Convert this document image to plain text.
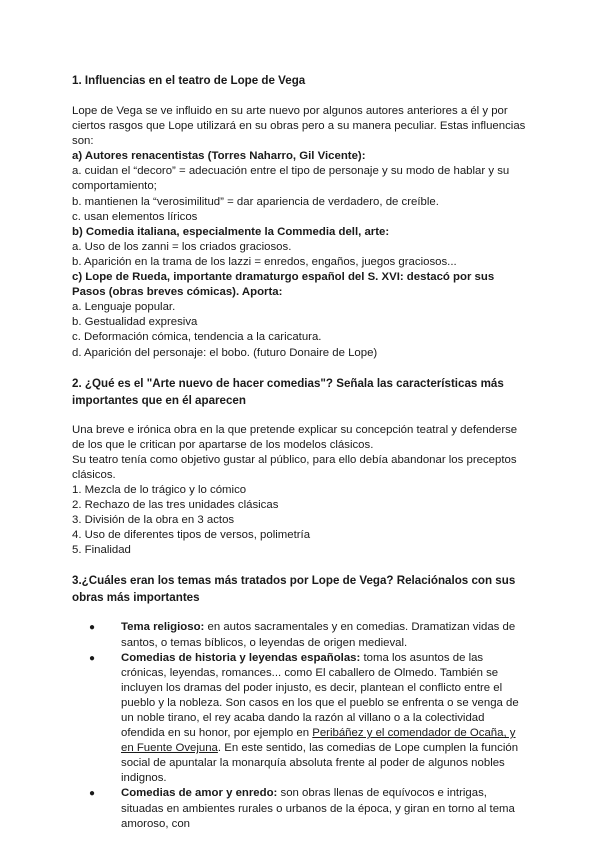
1. Influencias en el teatro de Lope de Vega

Lope de Vega se ve influido en su arte nuevo por algunos autores anteriores a él y por ciertos rasgos que Lope utilizará en su obras pero a su manera peculiar. Estas influencias son:

a) Autores renacentistas (Torres Naharro, Gil Vicente):

a. cuidan el “decoro” = adecuación entre el tipo de personaje y su modo de hablar y su comportamiento;

b. mantienen la “verosimilitud” = dar apariencia de verdadero, de creíble.

c. usan elementos líricos

b) Comedia italiana, especialmente la Commedia dell, arte:

a. Uso de los zanni = los criados graciosos.

b. Aparición en la trama de los lazzi = enredos, engaños, juegos graciosos...

c) Lope de Rueda, importante dramaturgo español del S. XVI: destacó por sus Pasos (obras breves cómicas). Aporta:

a. Lenguaje popular.

b. Gestualidad expresiva

c. Deformación cómica, tendencia a la caricatura.

d. Aparición del personaje: el bobo. (futuro Donaire de Lope)

2. ¿Qué es el "Arte nuevo de hacer comedias"? Señala las características más importantes que en él aparecen

Una breve e irónica obra en la que pretende explicar su concepción teatral y defenderse de los que le critican por apartarse de los modelos clásicos.

Su teatro tenía como objetivo gustar al público, para ello debía abandonar los preceptos clásicos.

1. Mezcla de lo trágico y lo cómico

2. Rechazo de las tres unidades clásicas

3. División de la obra en 3 actos

4. Uso de diferentes tipos de versos, polimetría

5. Finalidad

3.¿Cuáles eran los temas más tratados por Lope de Vega? Relaciónalos con sus obras más importantes

● Tema religioso: en autos sacramentales y en comedias. Dramatizan vidas de santos, o temas bíblicos, o leyendas de origen medieval.
● Comedias de historia y leyendas españolas: toma los asuntos de las crónicas, leyendas, romances... como El caballero de Olmedo. También se incluyen los dramas del poder injusto, es decir, plantean el conflicto entre el pueblo y la nobleza. Son casos en los que el pueblo se enfrenta o se venga de un noble tirano, el rey acaba dando la razón al villano o a la colectividad ofendida en su honor, por ejemplo en Peribáñez y el comendador de Ocaña, y en Fuente Ovejuna. En este sentido, las comedias de Lope cumplen la función social de apuntalar la monarquía absoluta frente al poder de algunos nobles indignos.
● Comedias de amor y enredo: son obras llenas de equívocos e intrigas, situadas en ambientes rurales o urbanos de la época, y giran en torno al tema amoroso, con
